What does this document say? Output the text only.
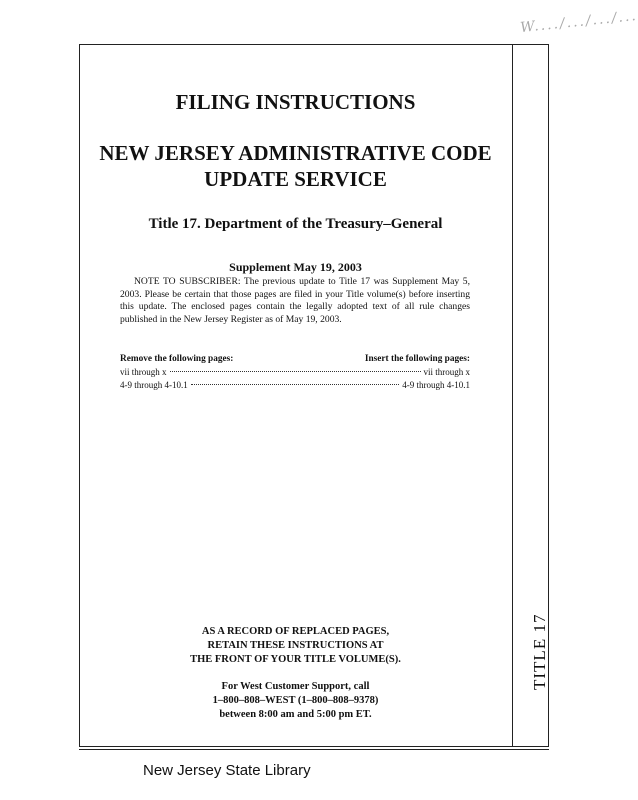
W..../.../.../...
TITLE 17
FILING INSTRUCTIONS
NEW JERSEY ADMINISTRATIVE CODE
UPDATE SERVICE
Title 17. Department of the Treasury–General
Supplement May 19, 2003
NOTE TO SUBSCRIBER: The previous update to Title 17 was Supplement May 5, 2003. Please be certain that those pages are filed in your Title volume(s) before inserting this update. The enclosed pages contain the legally adopted text of all rule changes published in the New Jersey Register as of May 19, 2003.
Remove the following pages:	Insert the following pages:
vii through x	vii through x
4-9 through 4-10.1	4-9 through 4-10.1
AS A RECORD OF REPLACED PAGES,
RETAIN THESE INSTRUCTIONS AT
THE FRONT OF YOUR TITLE VOLUME(S).
For West Customer Support, call
1–800–808–WEST (1–800–808–9378)
between 8:00 am and 5:00 pm ET.
New Jersey State Library
